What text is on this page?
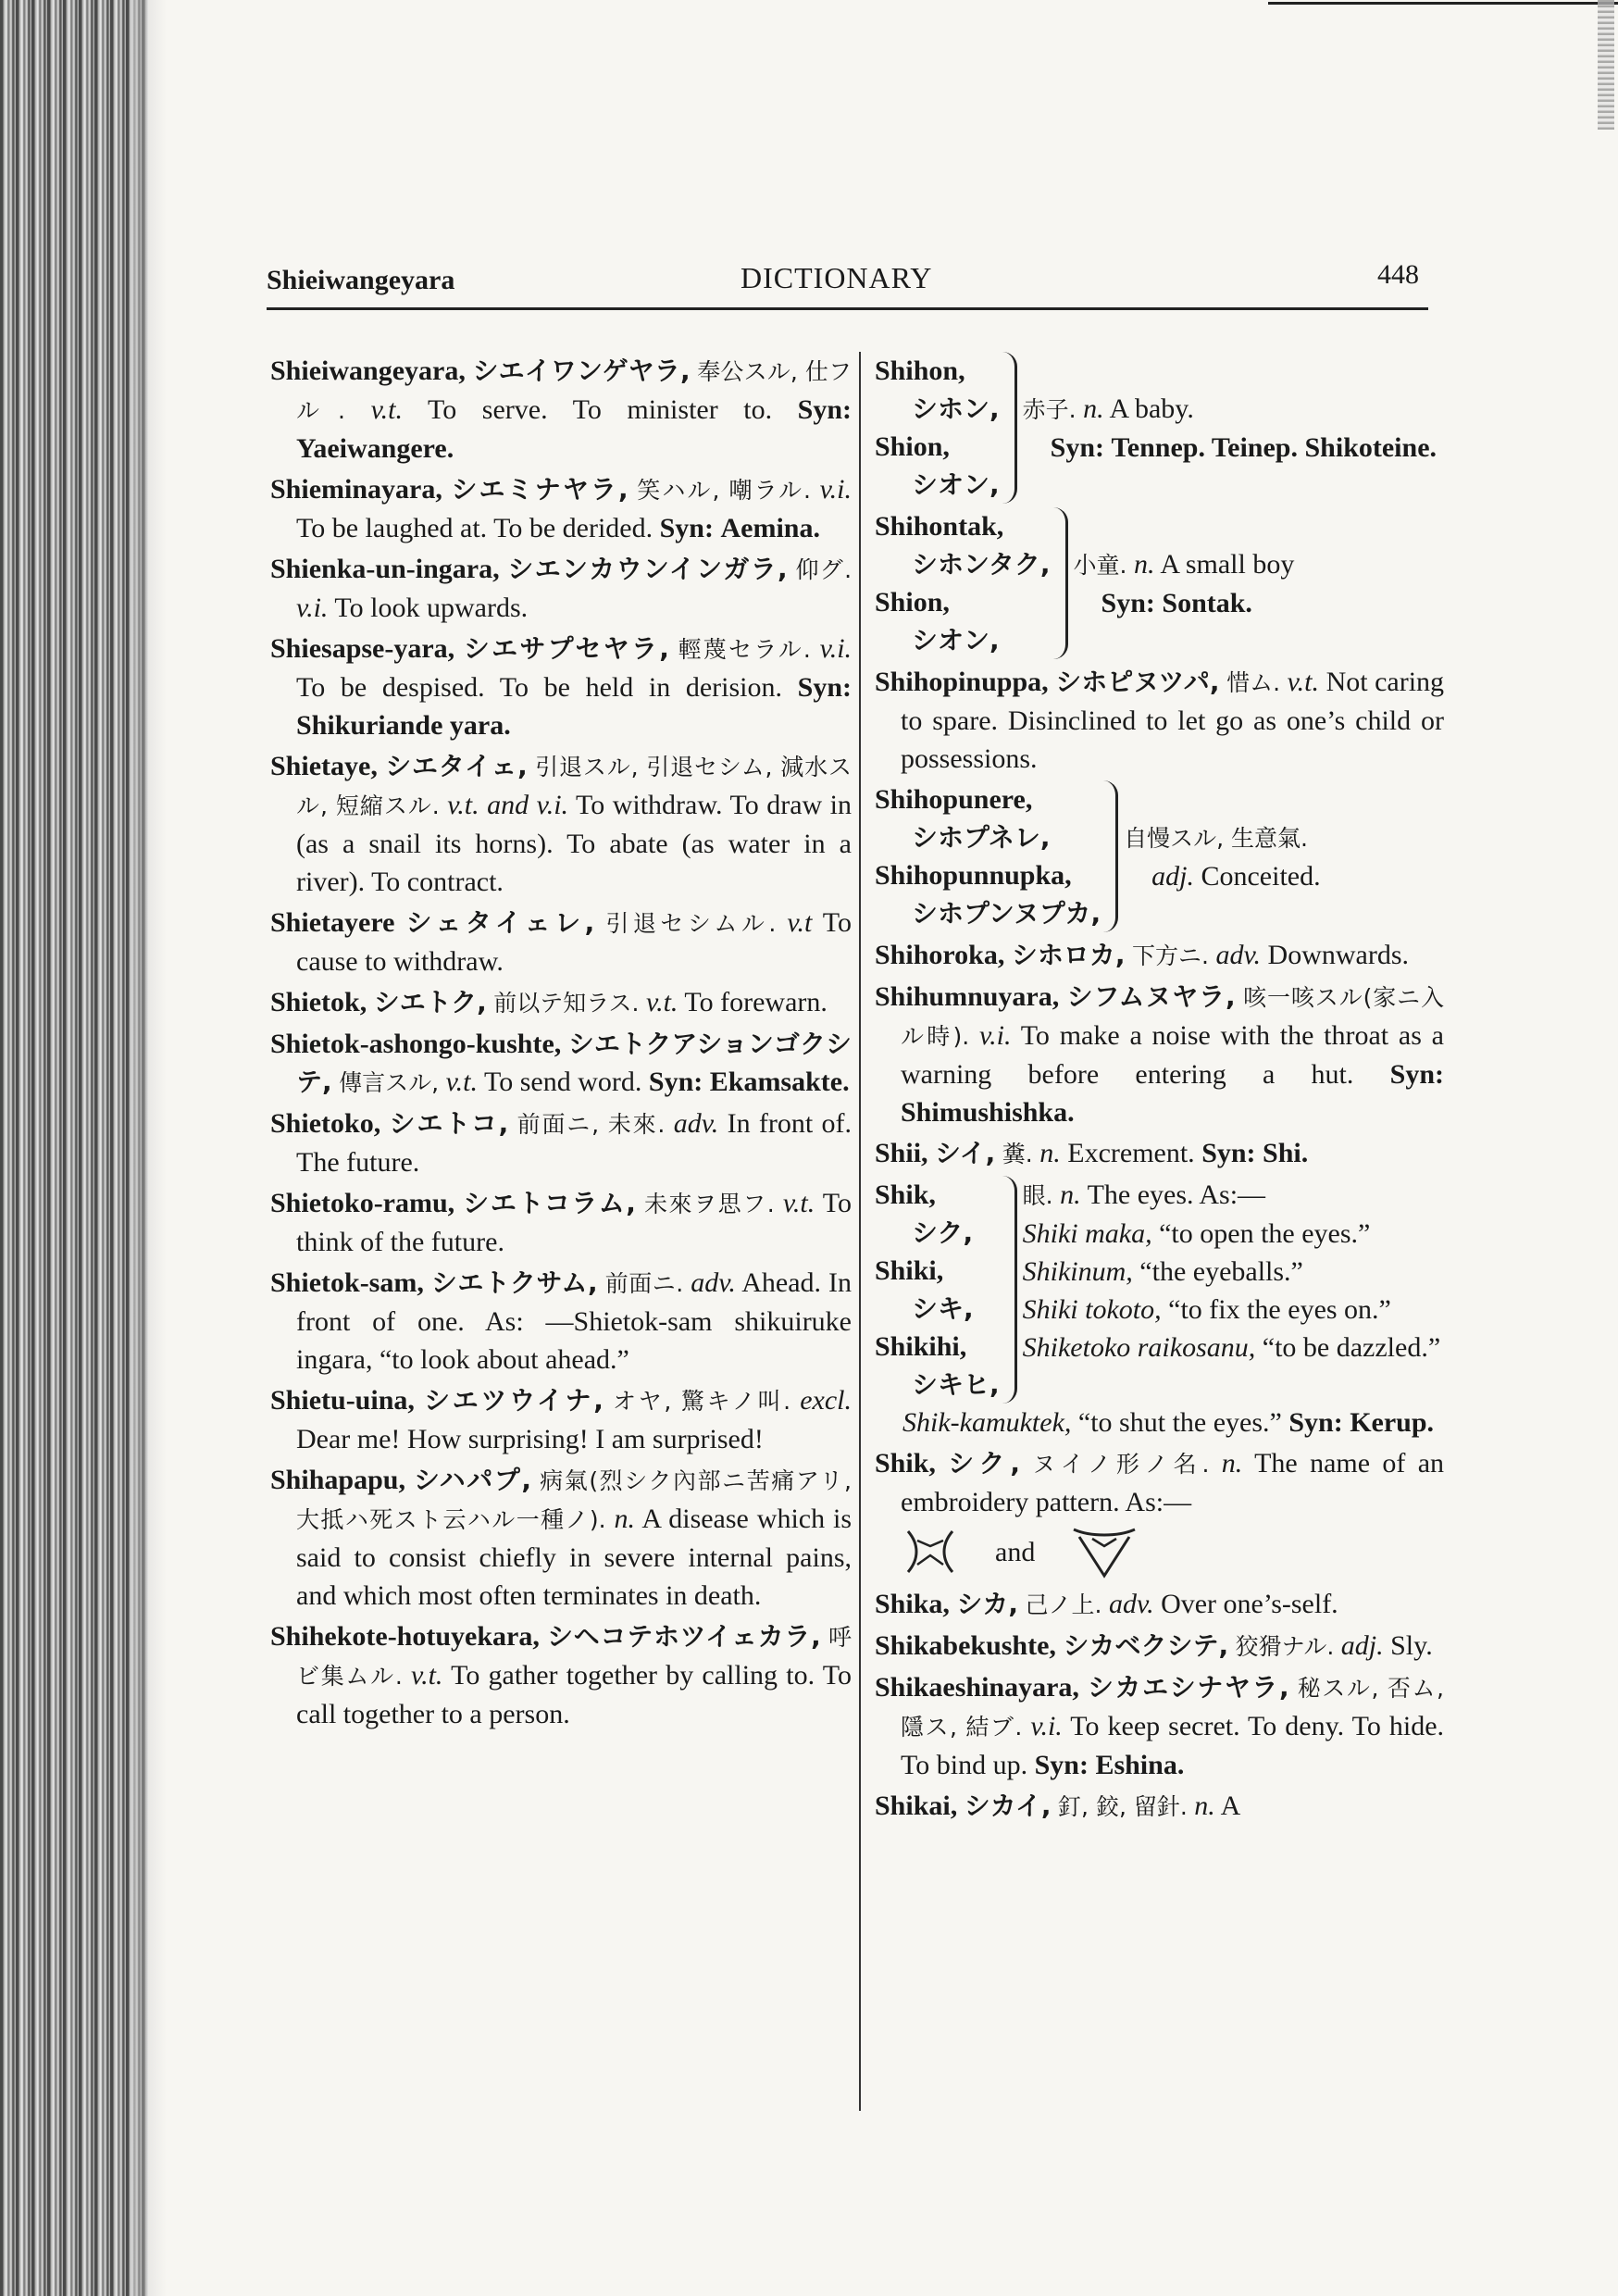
Shieiwangeyara	DICTIONARY	448
Shieiwangeyara, シエイワンゲヤラ, 奉公スル, 仕フル. v.t. To serve. To minister to. Syn: Yaeiwangere.
Shieminayara, シエミナヤラ, 笑ハル, 嘲ラル. v.i. To be laughed at. To be derided. Syn: Aemina.
Shienka-un-ingara, シエンカウンインガラ, 仰グ. v.i. To look upwards.
Shiesapse-yara, シエサプセヤラ, 輕蔑セラル. v.i. To be despised. To be held in derision. Syn: Shikuriande yara.
Shietaye, シエタイェ, 引退スル, 引退セシム, 減水スル, 短縮スル. v.t. and v.i. To withdraw. To draw in (as a snail its horns). To abate (as water in a river). To contract.
Shietayere シェタイェレ, 引退セシムル. v.t To cause to withdraw.
Shietok, シエトク, 前以テ知ラス. v.t. To forewarn.
Shietok-ashongo-kushte, シエトクアションゴクシテ, 傳言スル, v.t. To send word. Syn: Ekamsakte.
Shietoko, シエトコ, 前面ニ, 未來. adv. In front of. The future.
Shietoko-ramu, シエトコラム, 未來ヲ思フ. v.t. To think of the future.
Shietok-sam, シエトクサム, 前面ニ. adv. Ahead. In front of one. As: —Shietok-sam shikuiruke ingara, “to look about ahead.”
Shietu-uina, シエツウイナ, オヤ, 驚キノ叫. excl. Dear me! How surprising! I am surprised!
Shihapapu, シハパプ, 病氣(烈シク內部ニ苦痛アリ, 大抵ハ死スト云ハル一種ノ). n. A disease which is said to consist chiefly in severe internal pains, and which most often terminates in death.
Shihekote-hotuyekara, シヘコテホツイェカラ, 呼ビ集ムル. v.t. To gather together by calling to. To call together to a person.
Shihon,
シホン,
Shion,
シオン,
赤子. n. A baby.
Syn: Tennep. Teinep. Shikoteine.
Shihontak,
シホンタク,
Shion,
シオン,
小童. n. A small boy
Syn: Sontak.
Shihopinuppa, シホピヌツパ, 惜ム. v.t. Not caring to spare. Disinclined to let go as one’s child or possessions.
Shihopunere,
シホプネレ,
Shihopunnupka,
シホプンヌプカ,
自慢スル, 生意氣.
adj. Conceited.
Shihoroka, シホロカ, 下方ニ. adv. Downwards.
Shihumnuyara, シフムヌヤラ, 咳一咳スル(家ニ入ル時). v.i. To make a noise with the throat as a warning before entering a hut. Syn: Shimushishka.
Shii, シイ, 糞. n. Excrement. Syn: Shi.
Shik,
シク,
Shiki,
シキ,
Shikihi,
シキヒ,
眼. n. The eyes. As:—
Shiki maka, “to open the eyes.”
Shikinum, “the eyeballs.”
Shiki tokoto, “to fix the eyes on.”
Shiketoko raikosanu, “to be dazzled.”
Shik-kamuktek, “to shut the eyes.” Syn: Kerup.
Shik, シク, ヌイノ形ノ名. n. The name of an embroidery pattern. As:—
and
Shika, シカ, 己ノ上. adv. Over one’s-self.
Shikabekushte, シカベクシテ, 狡猾ナル. adj. Sly.
Shikaeshinayara, シカエシナヤラ, 秘スル, 否ム, 隱ス, 結ブ. v.i. To keep secret. To deny. To hide. To bind up. Syn: Eshina.
Shikai, シカイ, 釘, 鉸, 留針. n. A
